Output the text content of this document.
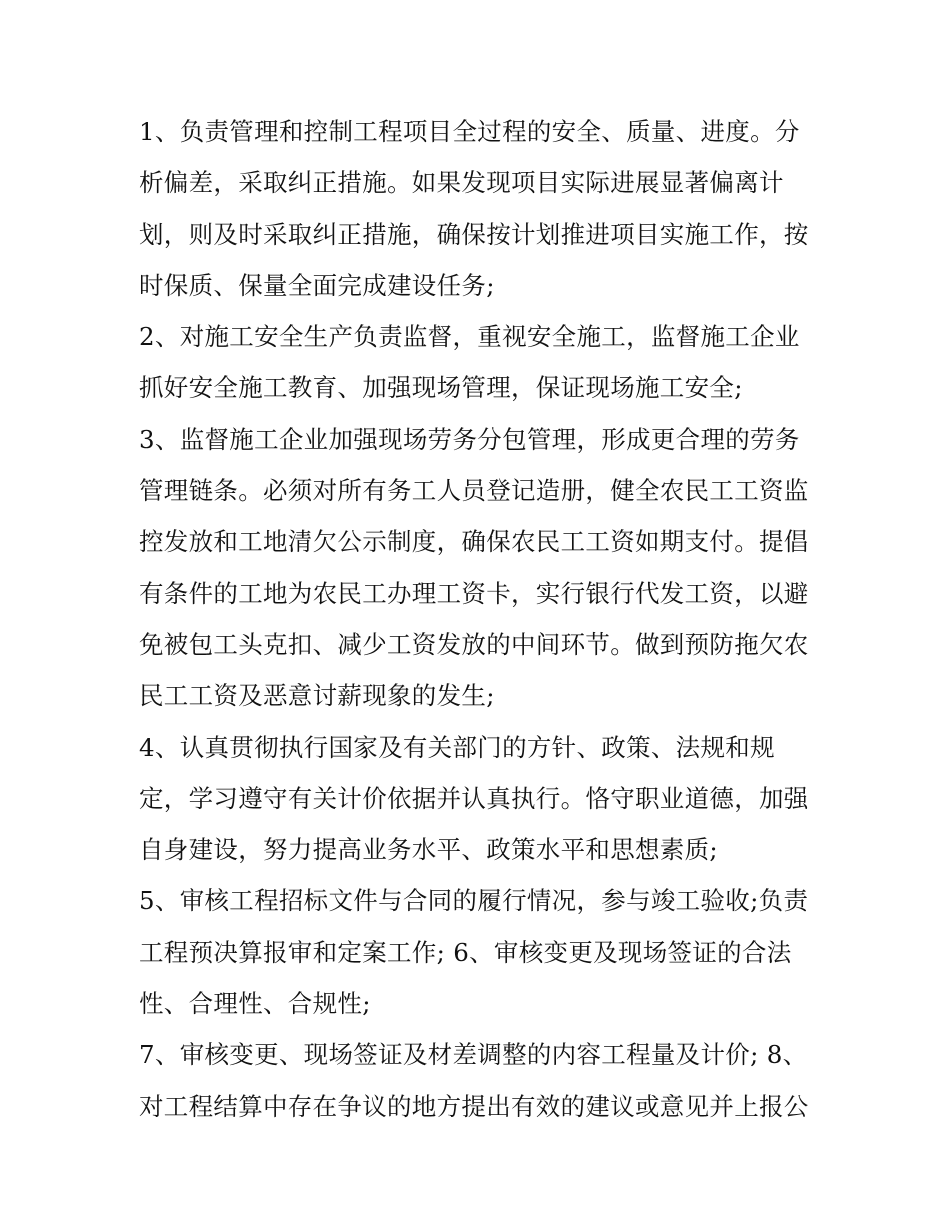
1、负责管理和控制工程项目全过程的安全、质量、进度。分
析偏差，采取纠正措施。如果发现项目实际进展显著偏离计
划，则及时采取纠正措施，确保按计划推进项目实施工作，按
时保质、保量全面完成建设任务;
2、对施工安全生产负责监督，重视安全施工，监督施工企业
抓好安全施工教育、加强现场管理，保证现场施工安全;
3、监督施工企业加强现场劳务分包管理，形成更合理的劳务
管理链条。必须对所有务工人员登记造册，健全农民工工资监
控发放和工地清欠公示制度，确保农民工工资如期支付。提倡
有条件的工地为农民工办理工资卡，实行银行代发工资，以避
免被包工头克扣、减少工资发放的中间环节。做到预防拖欠农
民工工资及恶意讨薪现象的发生;
4、认真贯彻执行国家及有关部门的方针、政策、法规和规
定，学习遵守有关计价依据并认真执行。恪守职业道德，加强
自身建设，努力提高业务水平、政策水平和思想素质;
5、审核工程招标文件与合同的履行情况，参与竣工验收;负责
工程预决算报审和定案工作; 6、审核变更及现场签证的合法
性、合理性、合规性;
7、审核变更、现场签证及材差调整的内容工程量及计价; 8、
对工程结算中存在争议的地方提出有效的建议或意见并上报公
